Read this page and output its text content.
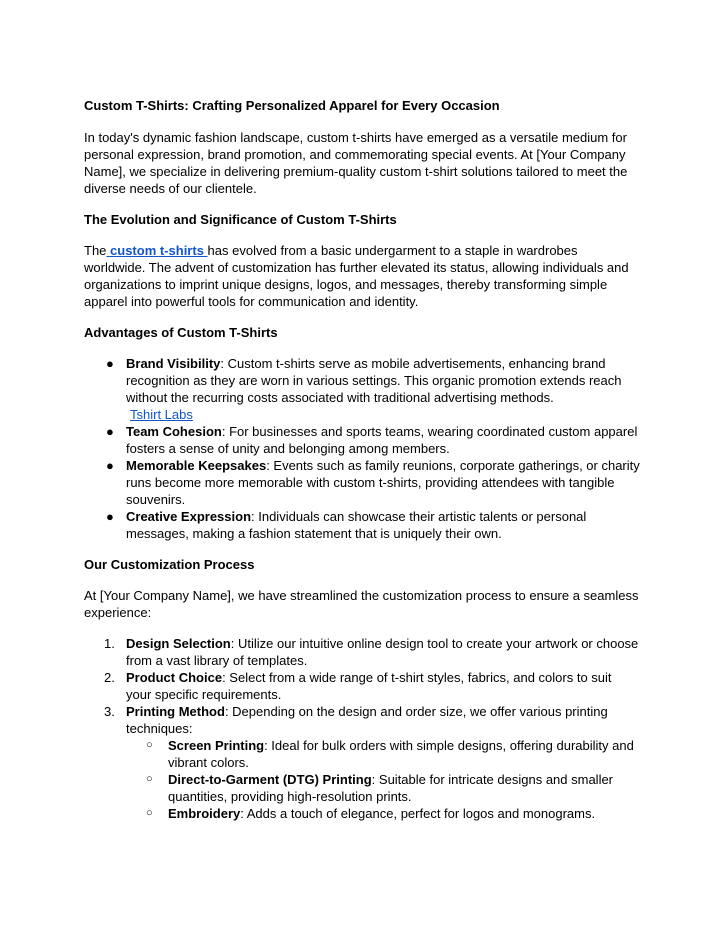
Custom T-Shirts: Crafting Personalized Apparel for Every Occasion

In today's dynamic fashion landscape, custom t-shirts have emerged as a versatile medium for personal expression, brand promotion, and commemorating special events. At [Your Company Name], we specialize in delivering premium-quality custom t-shirt solutions tailored to meet the diverse needs of our clientele.

The Evolution and Significance of Custom T-Shirts

The custom t-shirts has evolved from a basic undergarment to a staple in wardrobes worldwide. The advent of customization has further elevated its status, allowing individuals and organizations to imprint unique designs, logos, and messages, thereby transforming simple apparel into powerful tools for communication and identity.

Advantages of Custom T-Shirts
● Brand Visibility: Custom t-shirts serve as mobile advertisements, enhancing brand recognition as they are worn in various settings. This organic promotion extends reach without the recurring costs associated with traditional advertising methods.
Tshirt Labs
● Team Cohesion: For businesses and sports teams, wearing coordinated custom apparel fosters a sense of unity and belonging among members.
● Memorable Keepsakes: Events such as family reunions, corporate gatherings, or charity runs become more memorable with custom t-shirts, providing attendees with tangible souvenirs.
● Creative Expression: Individuals can showcase their artistic talents or personal messages, making a fashion statement that is uniquely their own.
Our Customization Process

At [Your Company Name], we have streamlined the customization process to ensure a seamless experience:

1. Design Selection: Utilize our intuitive online design tool to create your artwork or choose from a vast library of templates.
2. Product Choice: Select from a wide range of t-shirt styles, fabrics, and colors to suit your specific requirements.
3. Printing Method: Depending on the design and order size, we offer various printing techniques:
○ Screen Printing: Ideal for bulk orders with simple designs, offering durability and vibrant colors.
○ Direct-to-Garment (DTG) Printing: Suitable for intricate designs and smaller quantities, providing high-resolution prints.
○ Embroidery: Adds a touch of elegance, perfect for logos and monograms.
